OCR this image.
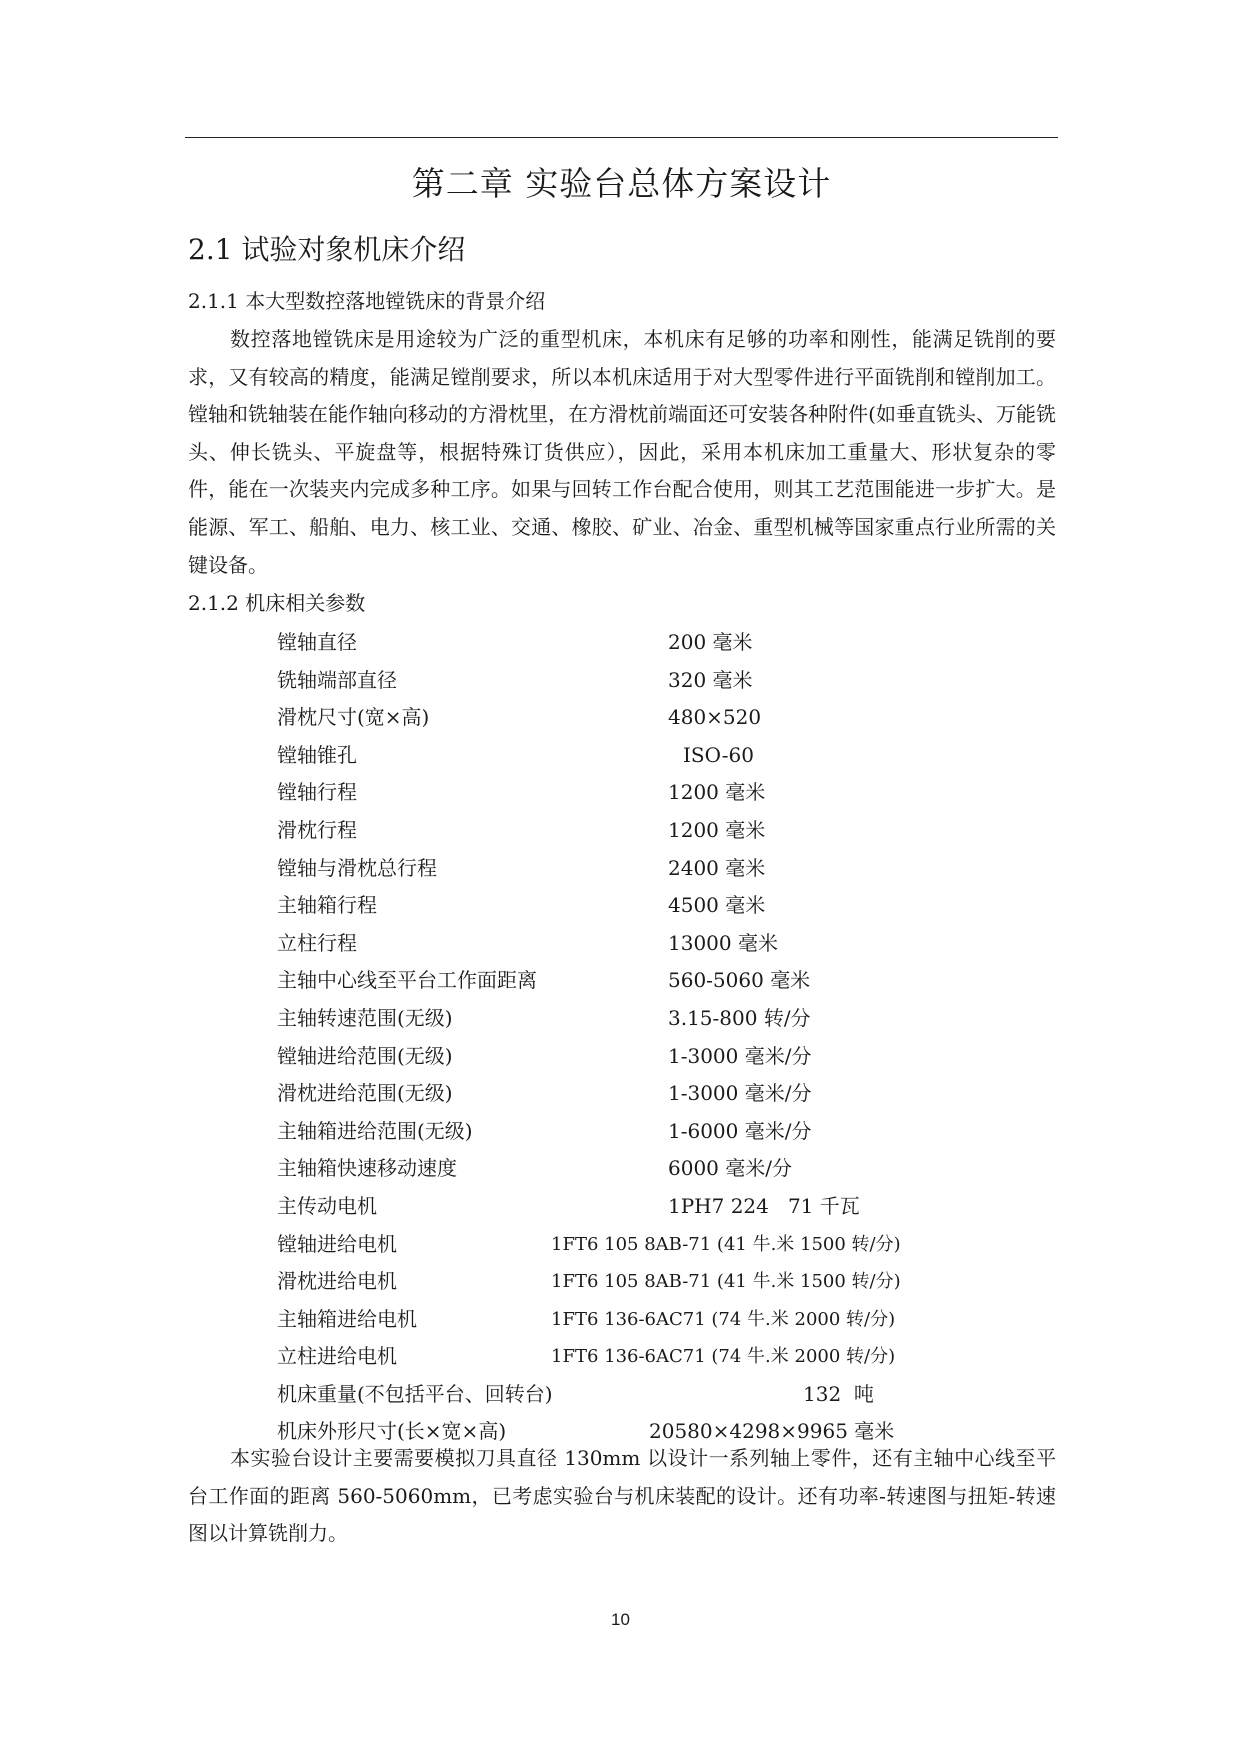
第二章 实验台总体方案设计
2.1 试验对象机床介绍
2.1.1 本大型数控落地镗铣床的背景介绍

数控落地镗铣床是用途较为广泛的重型机床，本机床有足够的功率和刚性，能满足铣削的要求，又有较高的精度，能满足镗削要求，所以本机床适用于对大型零件进行平面铣削和镗削加工。镗轴和铣轴装在能作轴向移动的方滑枕里，在方滑枕前端面还可安装各种附件(如垂直铣头、万能铣头、伸长铣头、平旋盘等，根据特殊订货供应），因此，采用本机床加工重量大、形状复杂的零件，能在一次装夹内完成多种工序。如果与回转工作台配合使用，则其工艺范围能进一步扩大。是能源、军工、船舶、电力、核工业、交通、橡胶、矿业、冶金、重型机械等国家重点行业所需的关键设备。

2.1.2 机床相关参数
镗轴直径	200 毫米
铣轴端部直径	320 毫米
滑枕尺寸(宽×高)	480×520
镗轴锥孔	ISO-60
镗轴行程	1200 毫米
滑枕行程	1200 毫米
镗轴与滑枕总行程	2400 毫米
主轴箱行程	4500 毫米
立柱行程	13000 毫米
主轴中心线至平台工作面距离	560-5060 毫米
主轴转速范围(无级)	3.15-800 转/分
镗轴进给范围(无级)	1-3000 毫米/分
滑枕进给范围(无级)	1-3000 毫米/分
主轴箱进给范围(无级)	1-6000 毫米/分
主轴箱快速移动速度	6000 毫米/分
主传动电机	1PH7 224   71 千瓦
镗轴进给电机	1FT6 105 8AB-71 (41 牛.米 1500 转/分)
滑枕进给电机	1FT6 105 8AB-71 (41 牛.米 1500 转/分)
主轴箱进给电机	1FT6 136-6AC71 (74 牛.米 2000 转/分)
立柱进给电机	1FT6 136-6AC71 (74 牛.米 2000 转/分)
机床重量(不包括平台、回转台)	132  吨
机床外形尺寸(长×宽×高)	20580×4298×9965 毫米

本实验台设计主要需要模拟刀具直径 130mm 以设计一系列轴上零件，还有主轴中心线至平台工作面的距离 560-5060mm，已考虑实验台与机床装配的设计。还有功率-转速图与扭矩-转速图以计算铣削力。

10
